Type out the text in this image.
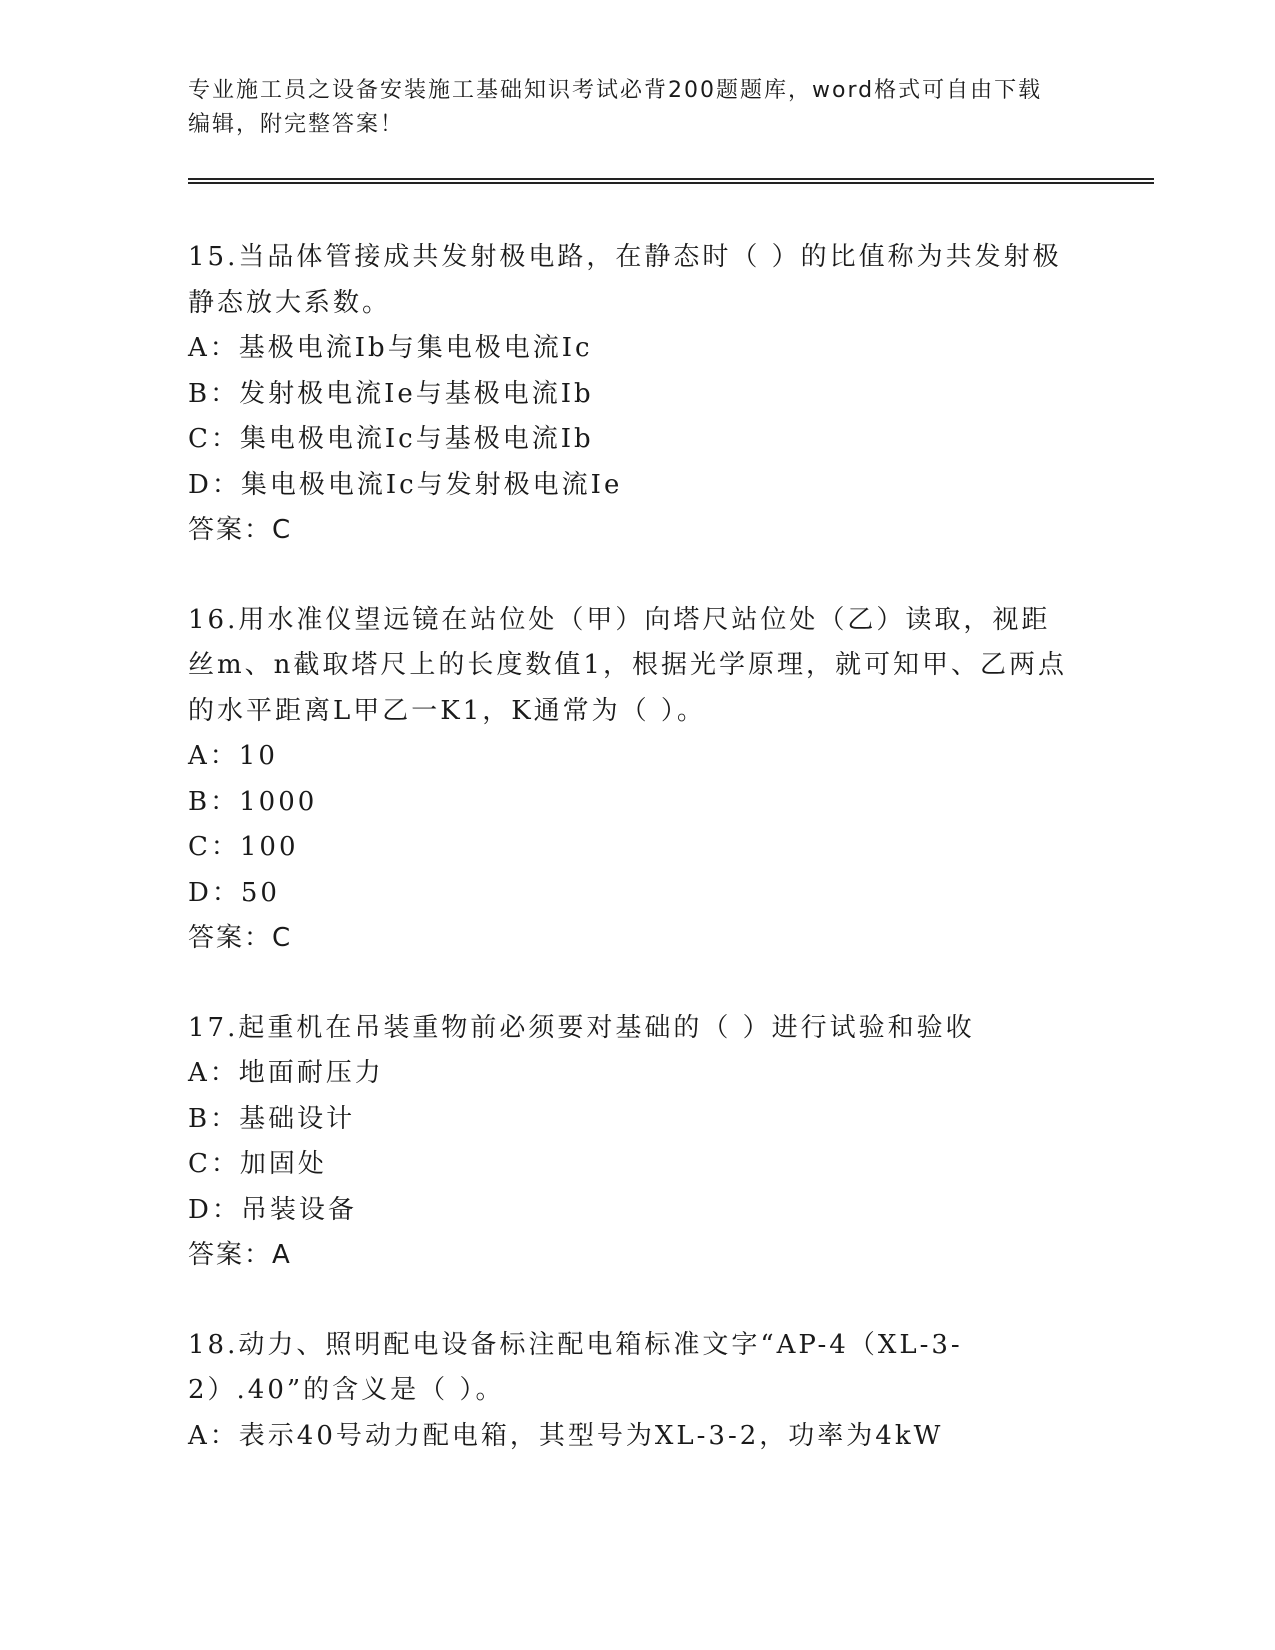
专业施工员之设备安装施工基础知识考试必背200题题库，word格式可自由下载
编辑，附完整答案！
15.当品体管接成共发射极电路，在静态时（ ）的比值称为共发射极静态放大系数。
A：基极电流Ib与集电极电流Ic
B：发射极电流Ie与基极电流Ib
C：集电极电流Ic与基极电流Ib
D：集电极电流Ic与发射极电流Ie
答案：C
16.用水准仪望远镜在站位处（甲）向塔尺站位处（乙）读取，视距丝m、n截取塔尺上的长度数值1，根据光学原理，就可知甲、乙两点的水平距离L甲乙一K1，K通常为（ ）。
A：10
B：1000
C：100
D：50
答案：C
17.起重机在吊装重物前必须要对基础的（ ）进行试验和验收
A：地面耐压力
B：基础设计
C：加固处
D：吊装设备
答案：A
18.动力、照明配电设备标注配电箱标准文字“AP-4（XL-3-2）.40”的含义是（ ）。
A：表示40号动力配电箱，其型号为XL-3-2，功率为4kW
